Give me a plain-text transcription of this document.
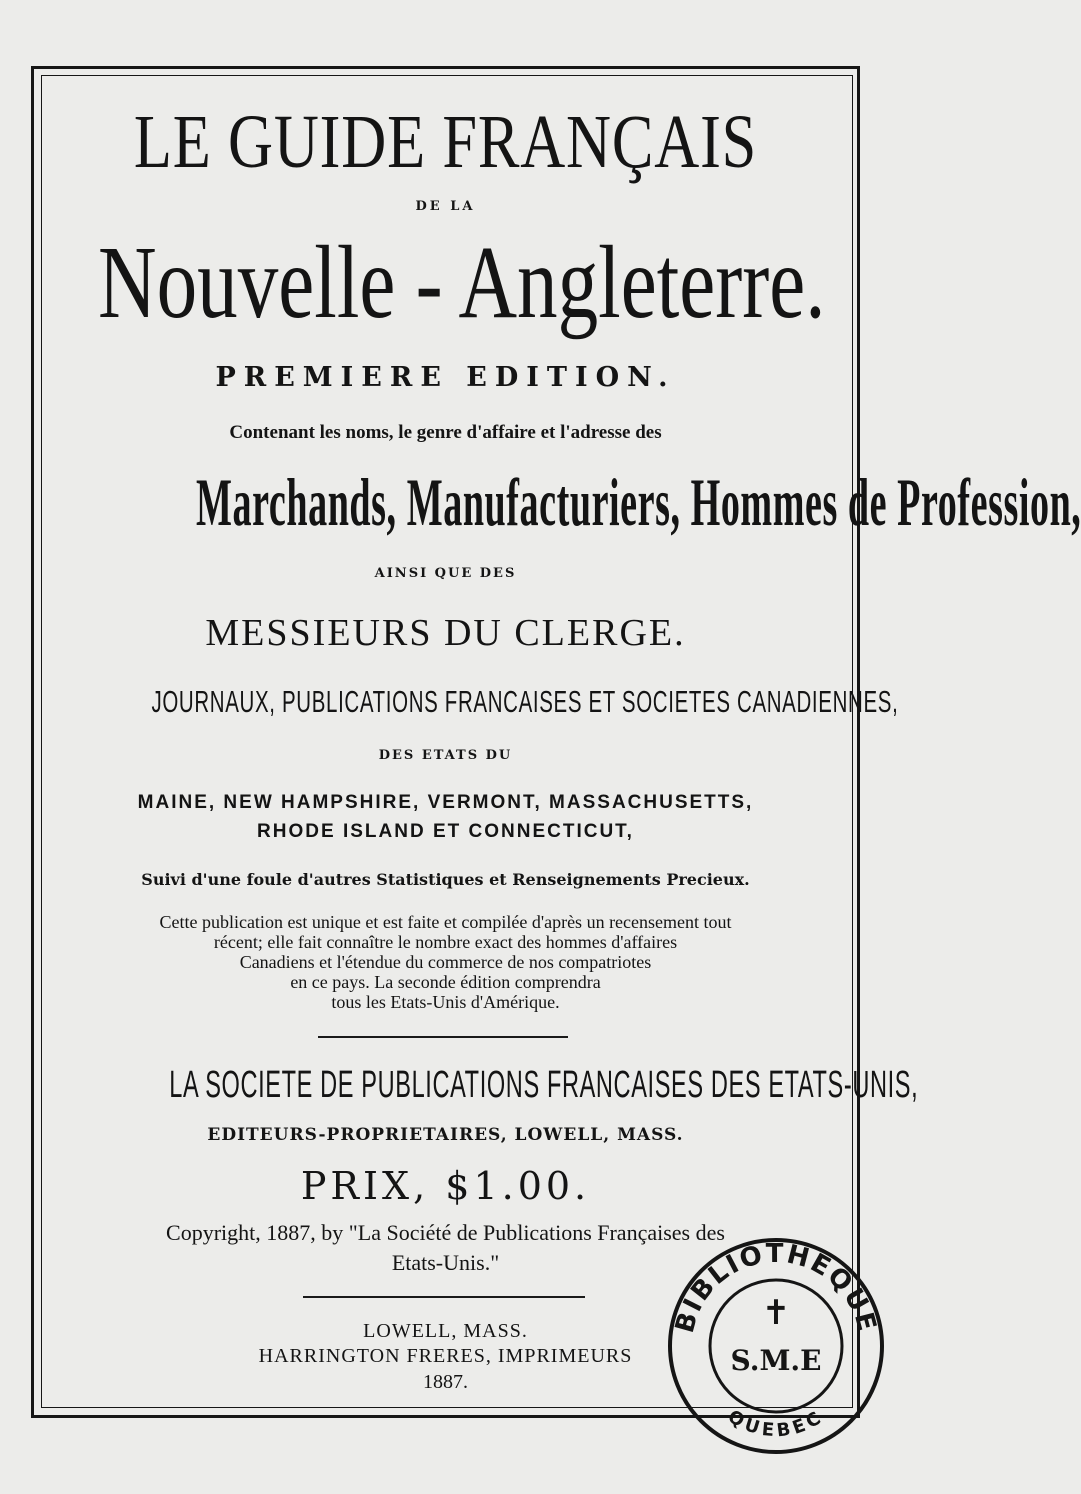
LE GUIDE FRANÇAIS
DE LA
Nouvelle - Angleterre.
PREMIERE EDITION.
Contenant les noms, le genre d'affaire et l'adresse des
Marchands, Manufacturiers, Hommes de Profession,
AINSI QUE DES
MESSIEURS DU CLERGE.
JOURNAUX, PUBLICATIONS FRANCAISES ET SOCIETES CANADIENNES,
DES ETATS DU
MAINE, NEW HAMPSHIRE, VERMONT, MASSACHUSETTS,
RHODE ISLAND ET CONNECTICUT,
Suivi d'une foule d'autres Statistiques et Renseignements Precieux.
Cette publication est unique et est faite et compilée d'après un recensement tout
récent; elle fait connaître le nombre exact des hommes d'affaires
Canadiens et l'étendue du commerce de nos compatriotes
en ce pays. La seconde édition comprendra
tous les Etats-Unis d'Amérique.
LA SOCIETE DE PUBLICATIONS FRANCAISES DES ETATS-UNIS,
EDITEURS-PROPRIETAIRES, LOWELL, MASS.
PRIX, $1.00.
Copyright, 1887, by "La Société de Publications Françaises des
Etats-Unis."
LOWELL, MASS.
HARRINGTON FRERES, IMPRIMEURS
1887.
BIBLIOTHEQUE
QUEBEC
✝
S.M.E
